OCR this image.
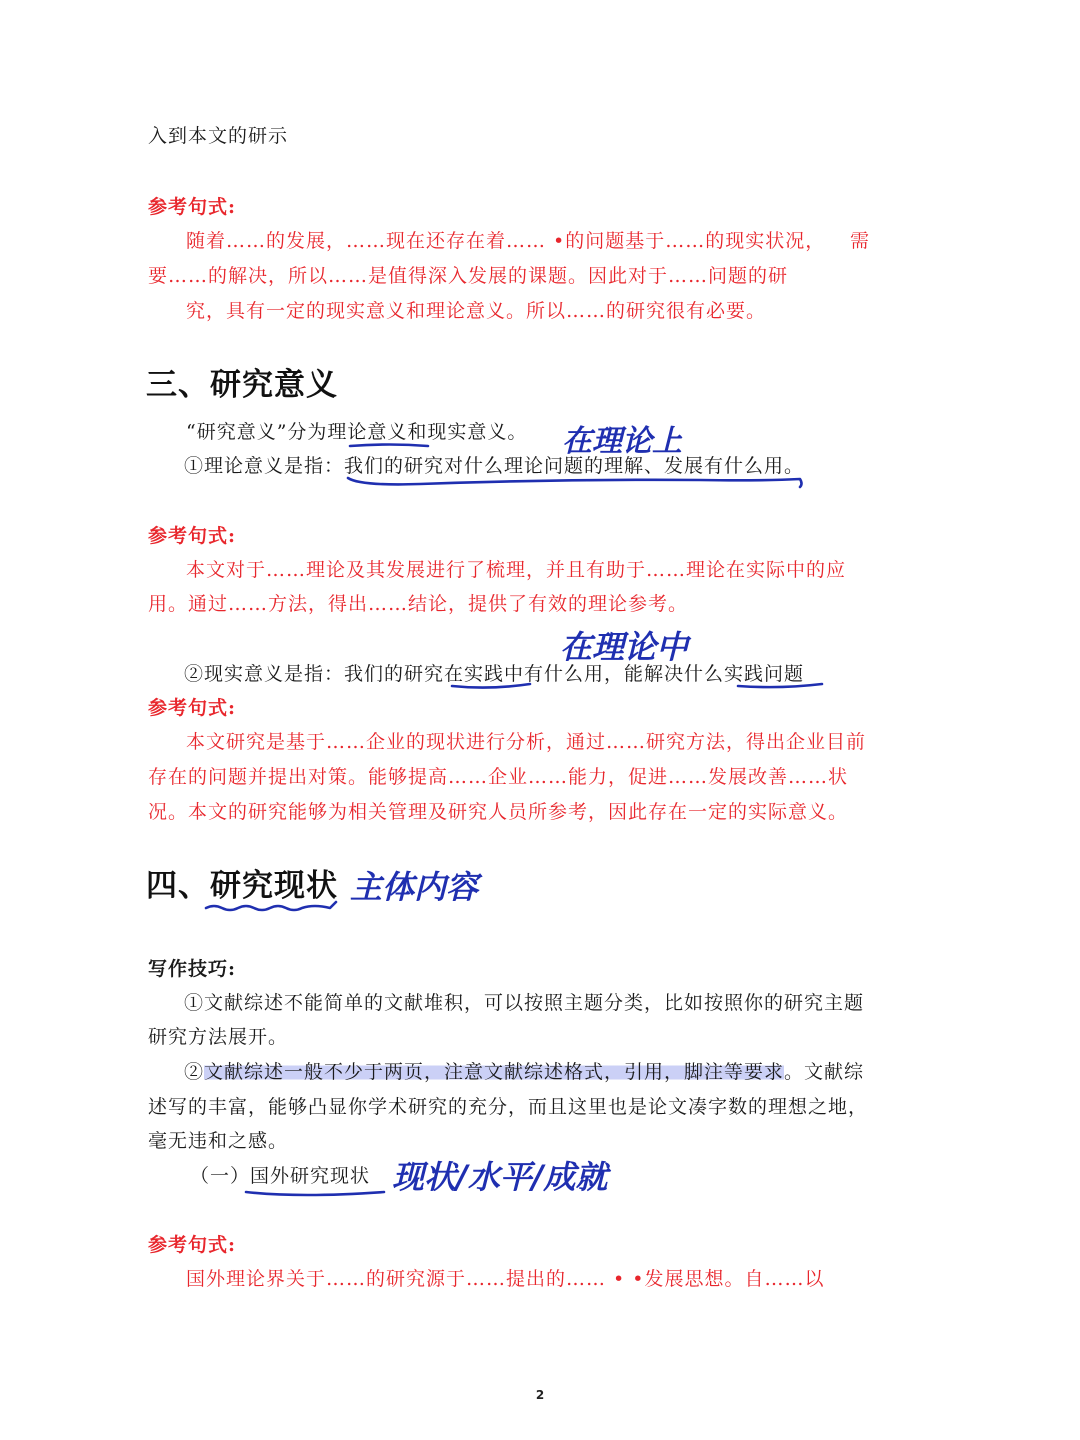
入到本文的研示
参考句式:
随着……的发展，……现在还存在着…… •的问题基于……的现实状况， 需
要……的解决，所以……是值得深入发展的课题。因此对于……问题的研
究，具有一定的现实意义和理论意义。所以……的研究很有必要。
三、研究意义
“研究意义”分为理论意义和现实意义。 在理论上
①理论意义是指：我们的研究对什么理论问题的理解、发展有什么用。
参考句式:
本文对于……理论及其发展进行了梳理，并且有助于……理论在实际中的应
用。通过……方法，得出……结论，提供了有效的理论参考。
在理论中
②现实意义是指：我们的研究在实践中有什么用，能解决什么实践问题
参考句式:
本文研究是基于……企业的现状进行分析，通过……研究方法，得出企业目前
存在的问题并提出对策。能够提高……企业……能力，促进……发展改善……状
况。本文的研究能够为相关管理及研究人员所参考，因此存在一定的实际意义。
四、研究现状 主体内容
写作技巧:
①文献综述不能简单的文献堆积，可以按照主题分类，比如按照你的研究主题
研究方法展开。
②文献综述一般不少于两页，注意文献综述格式，引用，脚注等要求。文献综
述写的丰富，能够凸显你学术研究的充分，而且这里也是论文凑字数的理想之地，
毫无违和之感。
（一）国外研究现状 现状/水平/成就
参考句式:
国外理论界关于……的研究源于……提出的…… • •发展思想。自……以
2
